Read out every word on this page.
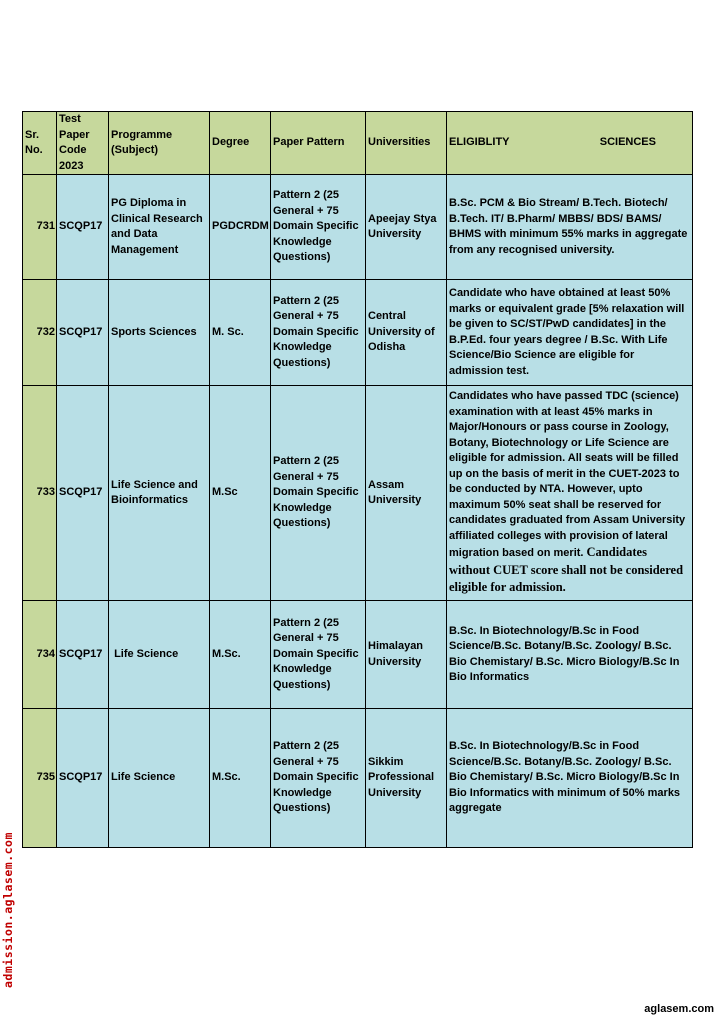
Sr. No.	Test Paper Code 2023	Programme (Subject)	Degree	Paper Pattern	Universities	ELIGIBLITY SCIENCES

731	SCQP17	PG Diploma in Clinical Research and Data Management	PGDCRDM	Pattern 2 (25 General + 75 Domain Specific Knowledge Questions)	Apeejay Stya University	B.Sc. PCM & Bio Stream/ B.Tech. Biotech/ B.Tech. IT/ B.Pharm/ MBBS/ BDS/ BAMS/ BHMS with minimum 55% marks in aggregate from any recognised university.
732	SCQP17	Sports Sciences	M. Sc.	Pattern 2 (25 General + 75 Domain Specific Knowledge Questions)	Central University of Odisha	Candidate who have obtained at least 50% marks or equivalent grade [5% relaxation will be given to SC/ST/PwD candidates] in the B.P.Ed. four years degree / B.Sc. With Life Science/Bio Science are eligible for admission test.
733	SCQP17	Life Science and Bioinformatics	M.Sc	Pattern 2 (25 General + 75 Domain Specific Knowledge Questions)	Assam University	Candidates who have passed TDC (science) examination with at least 45% marks in Major/Honours or pass course in Zoology, Botany, Biotechnology or Life Science are eligible for admission. All seats will be filled up on the basis of merit in the CUET-2023 to be conducted by NTA. However, upto maximum 50% seat shall be reserved for candidates graduated from Assam University affiliated colleges with provision of lateral migration based on merit. Candidates without CUET score shall not be considered eligible for admission.
734	SCQP17	Life Science	M.Sc.	Pattern 2 (25 General + 75 Domain Specific Knowledge Questions)	Himalayan University	B.Sc. In Biotechnology/B.Sc in Food Science/B.Sc. Botany/B.Sc. Zoology/ B.Sc. Bio Chemistary/ B.Sc. Micro Biology/B.Sc In Bio Informatics
735	SCQP17	Life Science	M.Sc.	Pattern 2 (25 General + 75 Domain Specific Knowledge Questions)	Sikkim Professional University	B.Sc. In Biotechnology/B.Sc in Food Science/B.Sc. Botany/B.Sc. Zoology/ B.Sc. Bio Chemistary/ B.Sc. Micro Biology/B.Sc In Bio Informatics with minimum of 50% marks aggregate
admission.aglasem.com
aglasem.com
